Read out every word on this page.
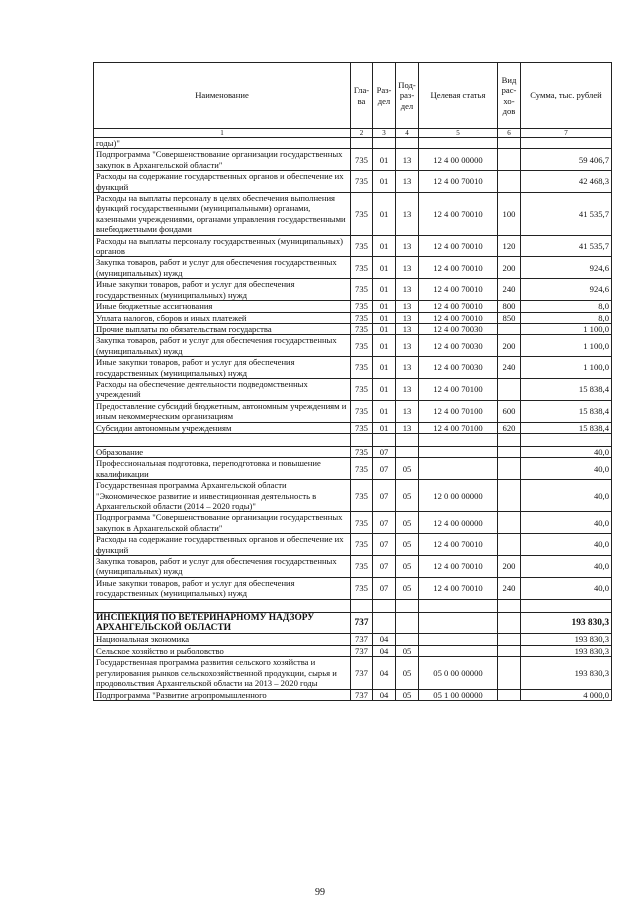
Наименование	Гла-ва	Раз-дел	Под-раз-дел	Целевая статья	Вид рас-хо-дов	Сумма, тыс. рублей
1	2	3	4	5	6	7
годы)"						
Подпрограмма "Совершенствование организации государственных закупок в Архангельской области"	735	01	13	12 4 00 00000		59 406,7
Расходы на содержание государственных органов и обеспечение их функций	735	01	13	12 4 00 70010		42 468,3
Расходы на выплаты персоналу в целях обеспечения выполнения функций государственными (муниципальными) органами, казенными учреждениями, органами управления государственными внебюджетными фондами	735	01	13	12 4 00 70010	100	41 535,7
Расходы на выплаты персоналу государственных (муниципальных) органов	735	01	13	12 4 00 70010	120	41 535,7
Закупка товаров, работ и услуг для обеспечения государственных (муниципальных) нужд	735	01	13	12 4 00 70010	200	924,6
Иные закупки товаров, работ и услуг для обеспечения государственных (муниципальных) нужд	735	01	13	12 4 00 70010	240	924,6
Иные бюджетные ассигнования	735	01	13	12 4 00 70010	800	8,0
Уплата налогов, сборов и иных платежей	735	01	13	12 4 00 70010	850	8,0
Прочие выплаты по обязательствам государства	735	01	13	12 4 00 70030		1 100,0
Закупка товаров, работ и услуг для обеспечения государственных (муниципальных) нужд	735	01	13	12 4 00 70030	200	1 100,0
Иные закупки товаров, работ и услуг для обеспечения государственных (муниципальных) нужд	735	01	13	12 4 00 70030	240	1 100,0
Расходы на обеспечение деятельности подведомственных учреждений	735	01	13	12 4 00 70100		15 838,4
Предоставление субсидий бюджетным, автономным учреждениям и иным некоммерческим организациям	735	01	13	12 4 00 70100	600	15 838,4
Субсидии автономным учреждениям	735	01	13	12 4 00 70100	620	15 838,4

Образование	735	07				40,0
Профессиональная подготовка, переподготовка и повышение квалификации	735	07	05			40,0
Государственная программа Архангельской области "Экономическое развитие и инвестиционная деятельность в Архангельской области (2014 – 2020 годы)"	735	07	05	12 0 00 00000		40,0
Подпрограмма "Совершенствование организации государственных закупок в Архангельской области"	735	07	05	12 4 00 00000		40,0
Расходы на содержание государственных органов и обеспечение их функций	735	07	05	12 4 00 70010		40,0
Закупка товаров, работ и услуг для обеспечения государственных (муниципальных) нужд	735	07	05	12 4 00 70010	200	40,0
Иные закупки товаров, работ и услуг для обеспечения государственных (муниципальных) нужд	735	07	05	12 4 00 70010	240	40,0

ИНСПЕКЦИЯ ПО ВЕТЕРИНАРНОМУ НАДЗОРУ АРХАНГЕЛЬСКОЙ ОБЛАСТИ	737					193 830,3
Национальная экономика	737	04				193 830,3
Сельское хозяйство и рыболовство	737	04	05			193 830,3
Государственная программа развития сельского хозяйства и регулирования рынков сельскохозяйственной продукции, сырья и продовольствия Архангельской области на 2013 – 2020 годы	737	04	05	05 0 00 00000		193 830,3
Подпрограмма "Развитие агропромышленного	737	04	05	05 1 00 00000		4 000,0
99
